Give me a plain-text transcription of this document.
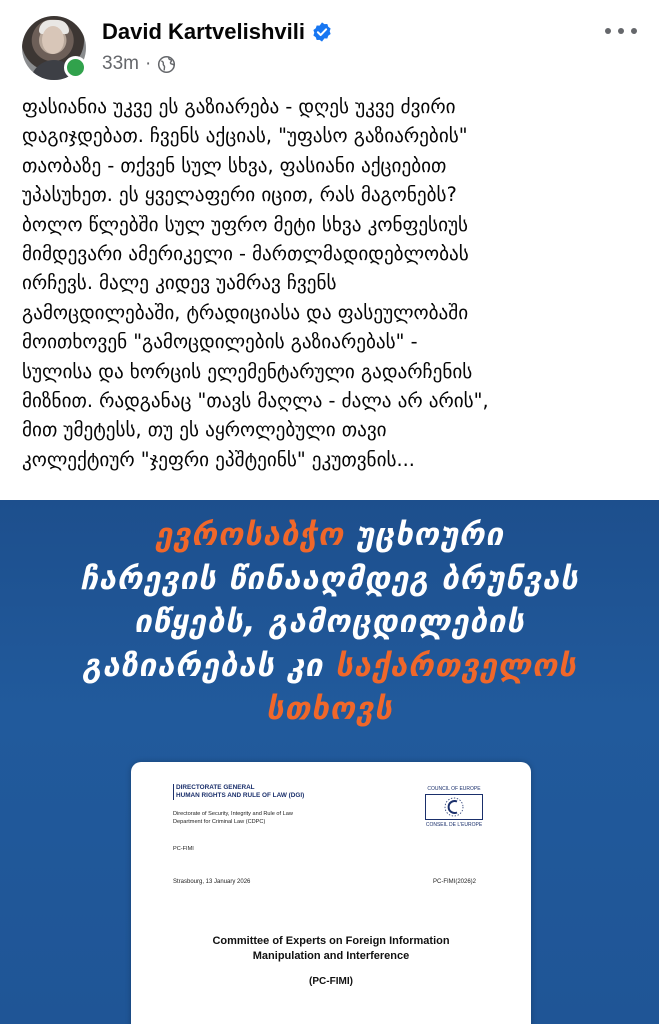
David Kartvelishvili
33m ·

ფასიანია უკვე ეს გაზიარება - დღეს უკვე ძვირი
დაგიჯდებათ. ჩვენს აქციას, "უფასო გაზიარების"
თაობაზე - თქვენ სულ სხვა, ფასიანი აქციებით
უპასუხეთ. ეს ყველაფერი იცით, რას მაგონებს?
ბოლო წლებში სულ უფრო მეტი სხვა კონფესიუს
მიმდევარი ამერიკელი - მართლმადიდებლობას
ირჩევს. მალე კიდევ უამრავ ჩვენს
გამოცდილებაში, ტრადიციასა და ფასეულობაში
მოითხოვენ "გამოცდილების გაზიარებას" -
სულისა და ხორცის ელემენტარული გადარჩენის
მიზნით. რადგანაც "თავს მაღლა - ძალა არ არის",
მით უმეტესს, თუ ეს აყროლებული თავი
კოლექტიურ "ჯეფრი ეპშტეინს" ეკუთვნის...

ევროსაბჭო უცხოური
ჩარევის წინააღმდეგ ბრუნვას
იწყებს, გამოცდილების
გაზიარებას კი საქართველოს
სთხოვს
DIRECTORATE GENERAL
HUMAN RIGHTS AND RULE OF LAW (DGI)
Directorate of Security, Integrity and Rule of Law
Department for Criminal Law (CDPC)
COUNCIL OF EUROPE
CONSEIL DE L'EUROPE
PC-FIMI
Strasbourg, 13 January 2026	PC-FIMI(2026)2
Committee of Experts on Foreign Information
Manipulation and Interference
(PC-FIMI)
